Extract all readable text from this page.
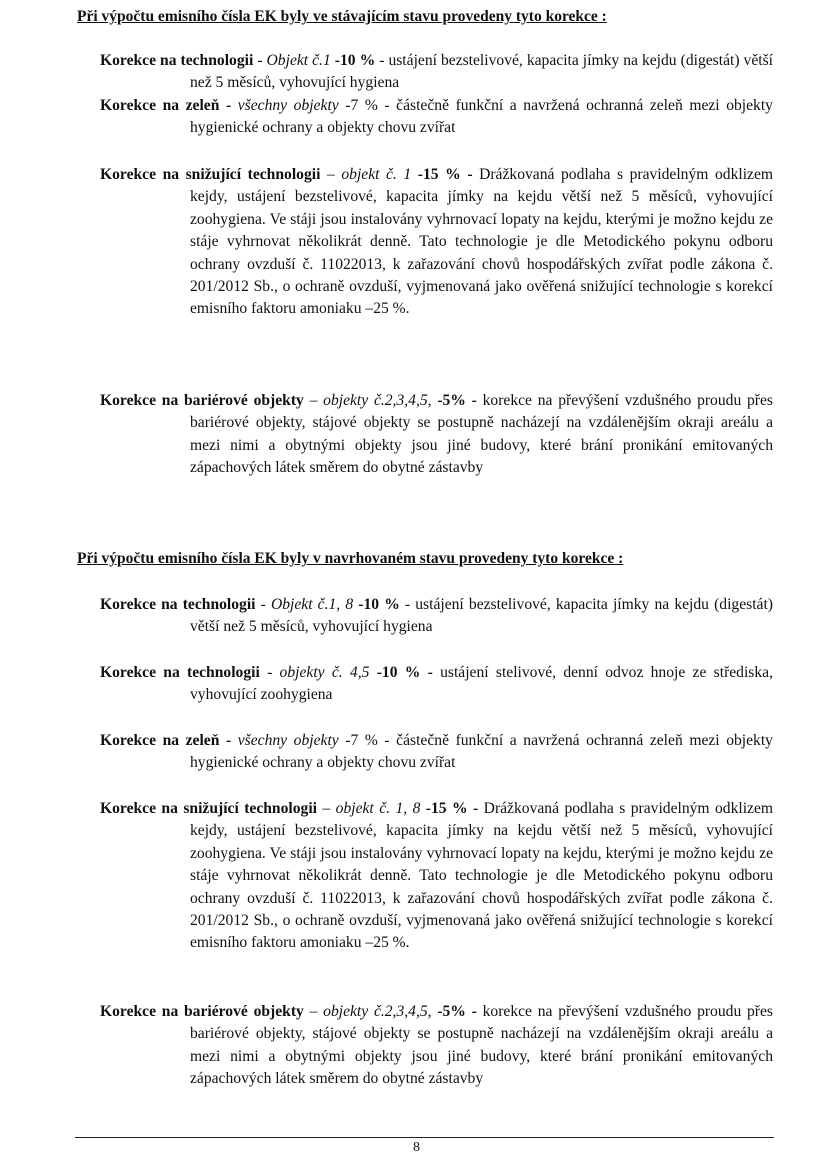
Při výpočtu emisního čísla EK byly ve stávajícím stavu provedeny tyto korekce :

Korekce na technologii - Objekt č.1 -10 % - ustájení bezstelivové, kapacita jímky na kejdu (digestát) větší než 5 měsíců, vyhovující hygiena

Korekce na zeleň - všechny objekty -7 % - částečně funkční a navržená ochranná zeleň mezi objekty hygienické ochrany a objekty chovu zvířat

Korekce na snižující technologii – objekt č. 1 -15 % - Drážkovaná podlaha s pravidelným odklizem kejdy, ustájení bezstelivové, kapacita jímky na kejdu větší než 5 měsíců, vyhovující zoohygiena. Ve stáji jsou instalovány vyhrnovací lopaty na kejdu, kterými je možno kejdu ze stáje vyhrnovat několikrát denně. Tato technologie je dle Metodického pokynu odboru ochrany ovzduší č. 11022013, k zařazování chovů hospodářských zvířat podle zákona č. 201/2012 Sb., o ochraně ovzduší, vyjmenovaná jako ověřená snižující technologie s korekcí emisního faktoru amoniaku –25 %.

Korekce na bariérové objekty – objekty č.2,3,4,5, -5% - korekce na převýšení vzdušného proudu přes bariérové objekty, stájové objekty se postupně nacházejí na vzdálenějším okraji areálu a mezi nimi a obytnými objekty jsou jiné budovy, které brání pronikání emitovaných zápachových látek směrem do obytné zástavby

Při výpočtu emisního čísla EK byly v navrhovaném stavu provedeny tyto korekce :

Korekce na technologii - Objekt č.1, 8 -10 % - ustájení bezstelivové, kapacita jímky na kejdu (digestát) větší než 5 měsíců, vyhovující hygiena

Korekce na technologii - objekty č. 4,5 -10 % - ustájení stelivové, denní odvoz hnoje ze střediska, vyhovující zoohygiena

Korekce na zeleň - všechny objekty -7 % - částečně funkční a navržená ochranná zeleň mezi objekty hygienické ochrany a objekty chovu zvířat

Korekce na snižující technologii – objekt č. 1, 8 -15 % - Drážkovaná podlaha s pravidelným odklizem kejdy, ustájení bezstelivové, kapacita jímky na kejdu větší než 5 měsíců, vyhovující zoohygiena. Ve stáji jsou instalovány vyhrnovací lopaty na kejdu, kterými je možno kejdu ze stáje vyhrnovat několikrát denně. Tato technologie je dle Metodického pokynu odboru ochrany ovzduší č. 11022013, k zařazování chovů hospodářských zvířat podle zákona č. 201/2012 Sb., o ochraně ovzduší, vyjmenovaná jako ověřená snižující technologie s korekcí emisního faktoru amoniaku –25 %.

Korekce na bariérové objekty – objekty č.2,3,4,5, -5% - korekce na převýšení vzdušného proudu přes bariérové objekty, stájové objekty se postupně nacházejí na vzdálenějším okraji areálu a mezi nimi a obytnými objekty jsou jiné budovy, které brání pronikání emitovaných zápachových látek směrem do obytné zástavby

8
